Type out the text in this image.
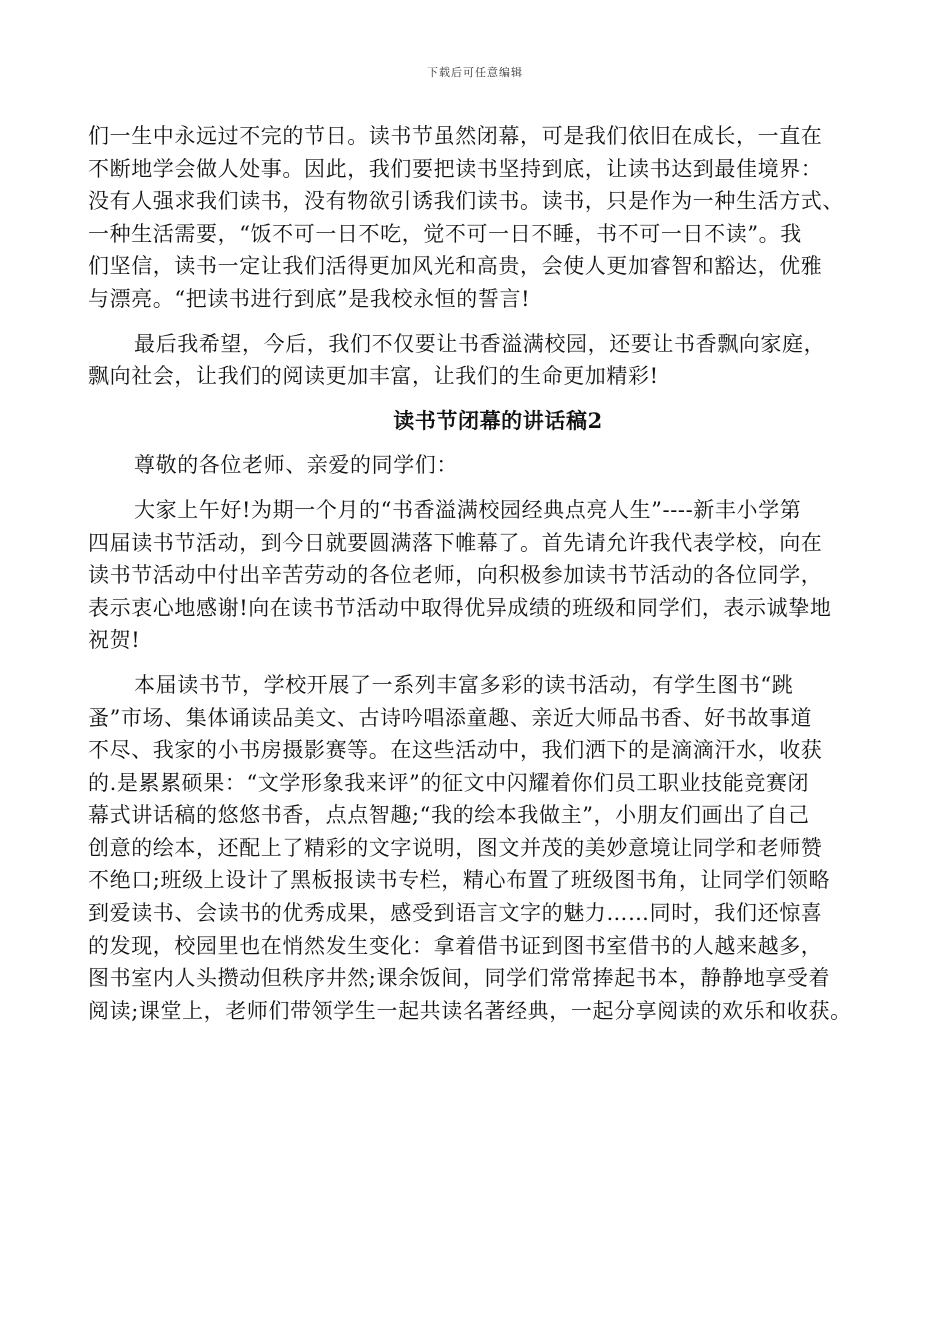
下载后可任意编辑
们一生中永远过不完的节日。读书节虽然闭幕，可是我们依旧在成长，一直在
不断地学会做人处事。因此，我们要把读书坚持到底，让读书达到最佳境界：
没有人强求我们读书，没有物欲引诱我们读书。读书，只是作为一种生活方式、
一种生活需要，“饭不可一日不吃，觉不可一日不睡，书不可一日不读”。我
们坚信，读书一定让我们活得更加风光和高贵，会使人更加睿智和豁达，优雅
与漂亮。“把读书进行到底”是我校永恒的誓言!
最后我希望，今后，我们不仅要让书香溢满校园，还要让书香飘向家庭，
飘向社会，让我们的阅读更加丰富，让我们的生命更加精彩!
读书节闭幕的讲话稿2
尊敬的各位老师、亲爱的同学们：
大家上午好!为期一个月的“书香溢满校园经典点亮人生”----新丰小学第
四届读书节活动，到今日就要圆满落下帷幕了。首先请允许我代表学校，向在
读书节活动中付出辛苦劳动的各位老师，向积极参加读书节活动的各位同学，
表示衷心地感谢!向在读书节活动中取得优异成绩的班级和同学们，表示诚挚地
祝贺!
本届读书节，学校开展了一系列丰富多彩的读书活动，有学生图书“跳
蚤”市场、集体诵读品美文、古诗吟唱添童趣、亲近大师品书香、好书故事道
不尽、我家的小书房摄影赛等。在这些活动中，我们洒下的是滴滴汗水，收获
的.是累累硕果：“文学形象我来评”的征文中闪耀着你们员工职业技能竞赛闭
幕式讲话稿的悠悠书香，点点智趣;“我的绘本我做主”，小朋友们画出了自己
创意的绘本，还配上了精彩的文字说明，图文并茂的美妙意境让同学和老师赞
不绝口;班级上设计了黑板报读书专栏，精心布置了班级图书角，让同学们领略
到爱读书、会读书的优秀成果，感受到语言文字的魅力……同时，我们还惊喜
的发现，校园里也在悄然发生变化：拿着借书证到图书室借书的人越来越多，
图书室内人头攒动但秩序井然;课余饭间，同学们常常捧起书本，静静地享受着
阅读;课堂上，老师们带领学生一起共读名著经典，一起分享阅读的欢乐和收获。
